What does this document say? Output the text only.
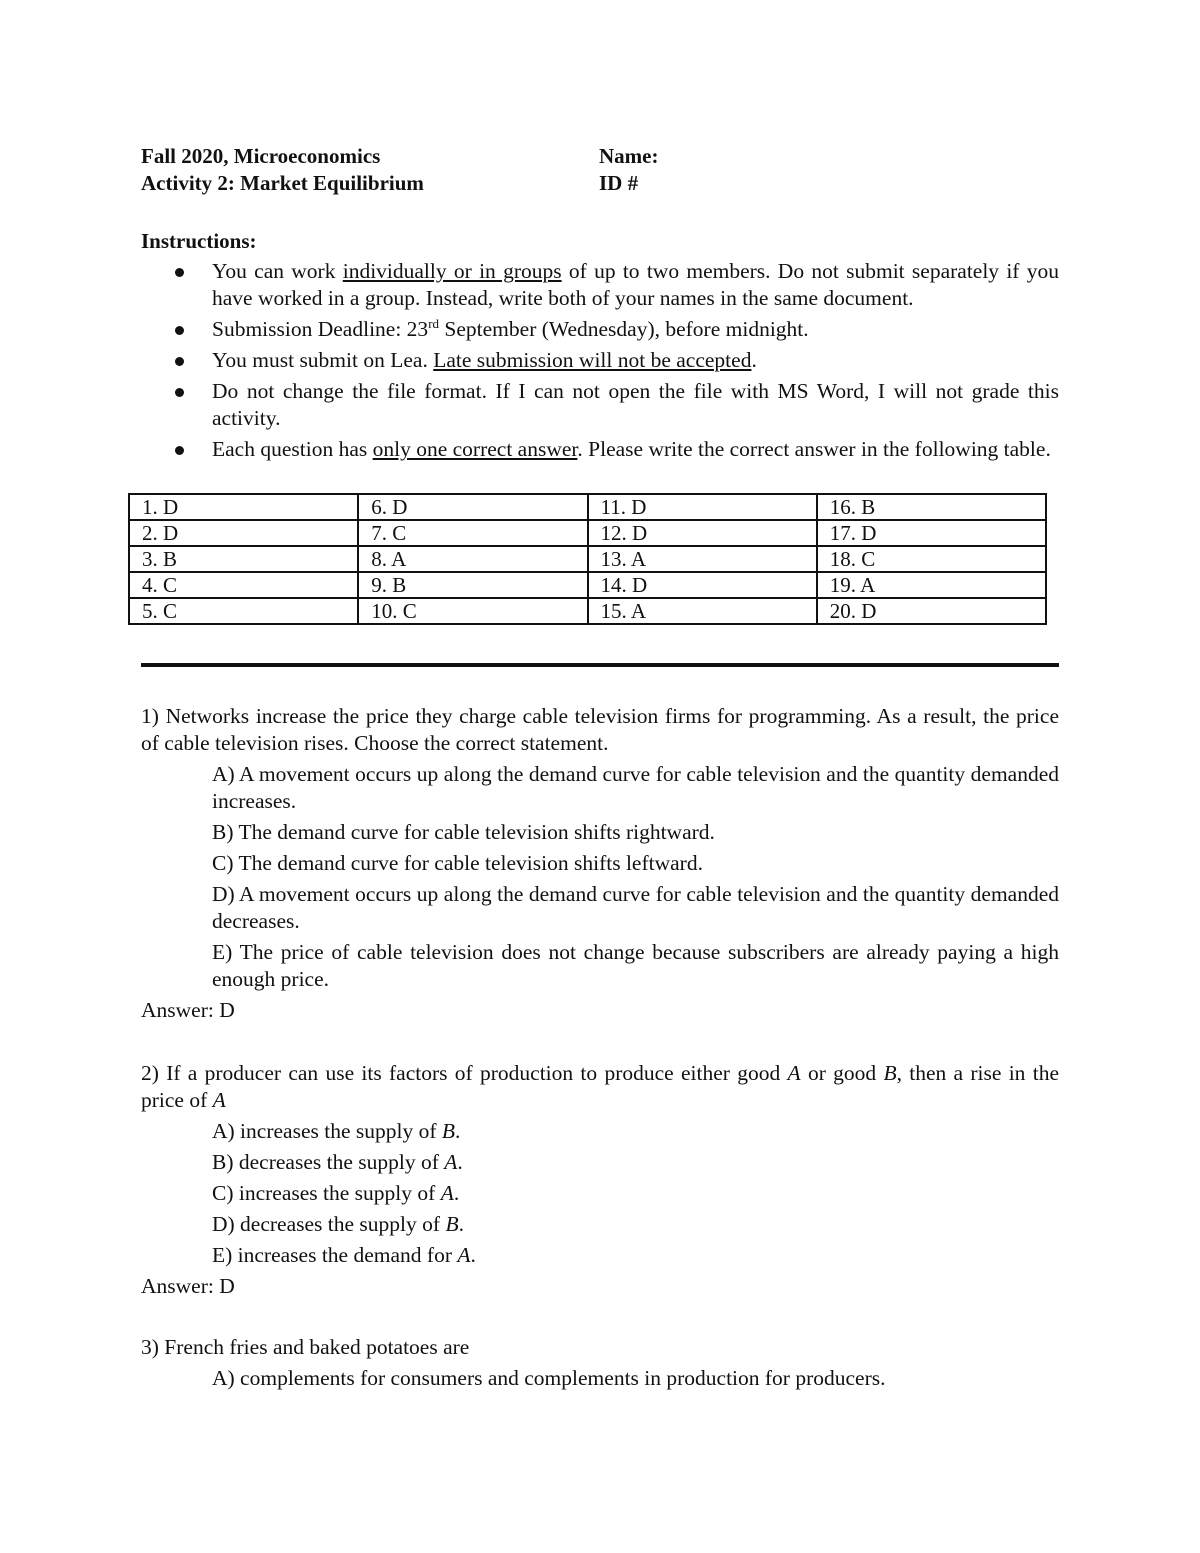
Fall 2020, Microeconomics
Activity 2: Market Equilibrium
Name:
ID #
Instructions:
You can work individually or in groups of up to two members. Do not submit separately if you have worked in a group. Instead, write both of your names in the same document.
Submission Deadline: 23rd September (Wednesday), before midnight.
You must submit on Lea. Late submission will not be accepted.
Do not change the file format. If I can not open the file with MS Word, I will not grade this activity.
Each question has only one correct answer. Please write the correct answer in the following table.
1. D	6. D	11. D	16. B
2. D	7. C	12. D	17. D
3. B	8. A	13. A	18. C
4. C	9. B	14. D	19. A
5. C	10. C	15. A	20. D
1) Networks increase the price they charge cable television firms for programming. As a result, the price of cable television rises. Choose the correct statement.
A) A movement occurs up along the demand curve for cable television and the quantity demanded increases.
B) The demand curve for cable television shifts rightward.
C) The demand curve for cable television shifts leftward.
D) A movement occurs up along the demand curve for cable television and the quantity demanded decreases.
E) The price of cable television does not change because subscribers are already paying a high enough price.
Answer: D
2) If a producer can use its factors of production to produce either good A or good B, then a rise in the price of A
A) increases the supply of B.
B) decreases the supply of A.
C) increases the supply of A.
D) decreases the supply of B.
E) increases the demand for A.
Answer: D
3) French fries and baked potatoes are
A) complements for consumers and complements in production for producers.
